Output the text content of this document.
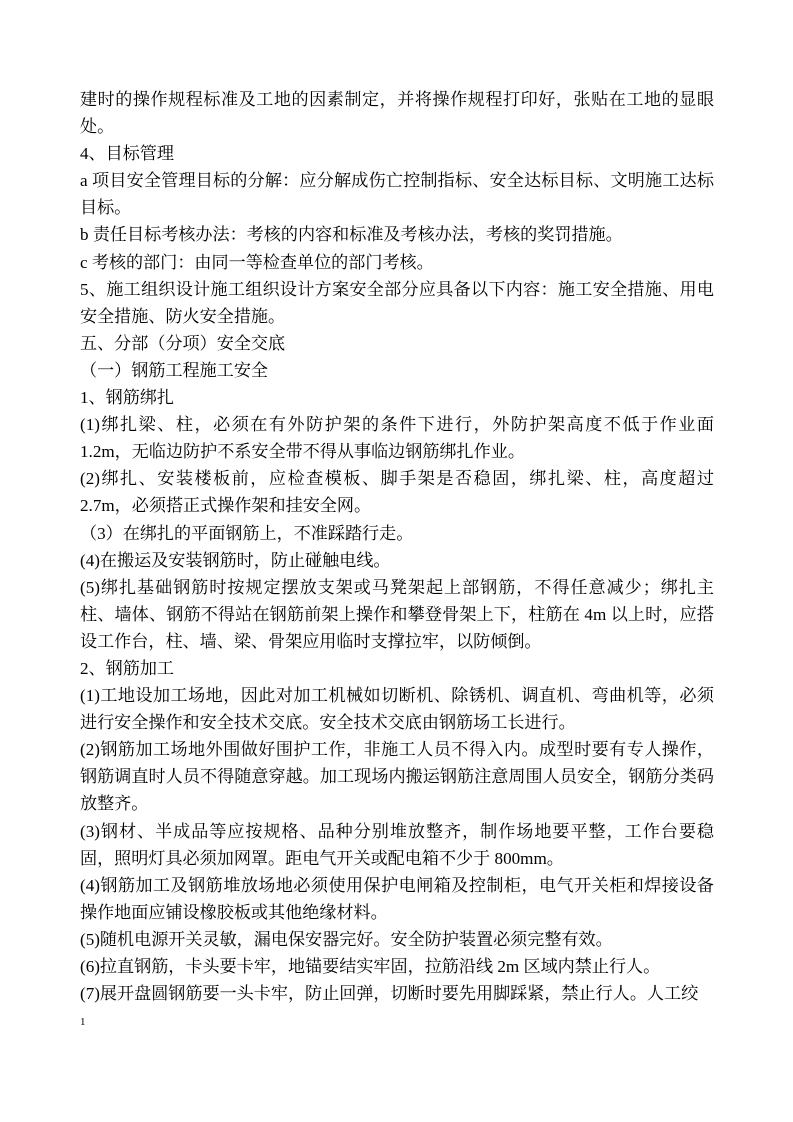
建时的操作规程标准及工地的因素制定，并将操作规程打印好，张贴在工地的显眼处。

4、目标管理

a 项目安全管理目标的分解：应分解成伤亡控制指标、安全达标目标、文明施工达标目标。

b 责任目标考核办法：考核的内容和标准及考核办法，考核的奖罚措施。

c 考核的部门：由同一等检查单位的部门考核。

5、施工组织设计施工组织设计方案安全部分应具备以下内容：施工安全措施、用电安全措施、防火安全措施。

五、分部（分项）安全交底

（一）钢筋工程施工安全

1、钢筋绑扎

(1)绑扎梁、柱，必须在有外防护架的条件下进行，外防护架高度不低于作业面 1.2m，无临边防护不系安全带不得从事临边钢筋绑扎作业。

(2)绑扎、安装楼板前，应检查模板、脚手架是否稳固，绑扎梁、柱，高度超过 2.7m，必须搭正式操作架和挂安全网。

（3）在绑扎的平面钢筋上，不准踩踏行走。

(4)在搬运及安装钢筋时，防止碰触电线。

(5)绑扎基础钢筋时按规定摆放支架或马凳架起上部钢筋，不得任意减少；绑扎主柱、墙体、钢筋不得站在钢筋前架上操作和攀登骨架上下，柱筋在 4m 以上时，应搭设工作台，柱、墙、梁、骨架应用临时支撑拉牢，以防倾倒。

2、钢筋加工

(1)工地设加工场地，因此对加工机械如切断机、除锈机、调直机、弯曲机等，必须进行安全操作和安全技术交底。安全技术交底由钢筋场工长进行。

(2)钢筋加工场地外围做好围护工作，非施工人员不得入内。成型时要有专人操作，钢筋调直时人员不得随意穿越。加工现场内搬运钢筋注意周围人员安全，钢筋分类码放整齐。

(3)钢材、半成品等应按规格、品种分别堆放整齐，制作场地要平整，工作台要稳固，照明灯具必须加网罩。距电气开关或配电箱不少于 800mm。

(4)钢筋加工及钢筋堆放场地必须使用保护电闸箱及控制柜，电气开关柜和焊接设备操作地面应铺设橡胶板或其他绝缘材料。

(5)随机电源开关灵敏，漏电保安器完好。安全防护装置必须完整有效。

(6)拉直钢筋，卡头要卡牢，地锚要结实牢固，拉筋沿线 2m 区域内禁止行人。

(7)展开盘圆钢筋要一头卡牢，防止回弹，切断时要先用脚踩紧，禁止行人。人工绞

1
